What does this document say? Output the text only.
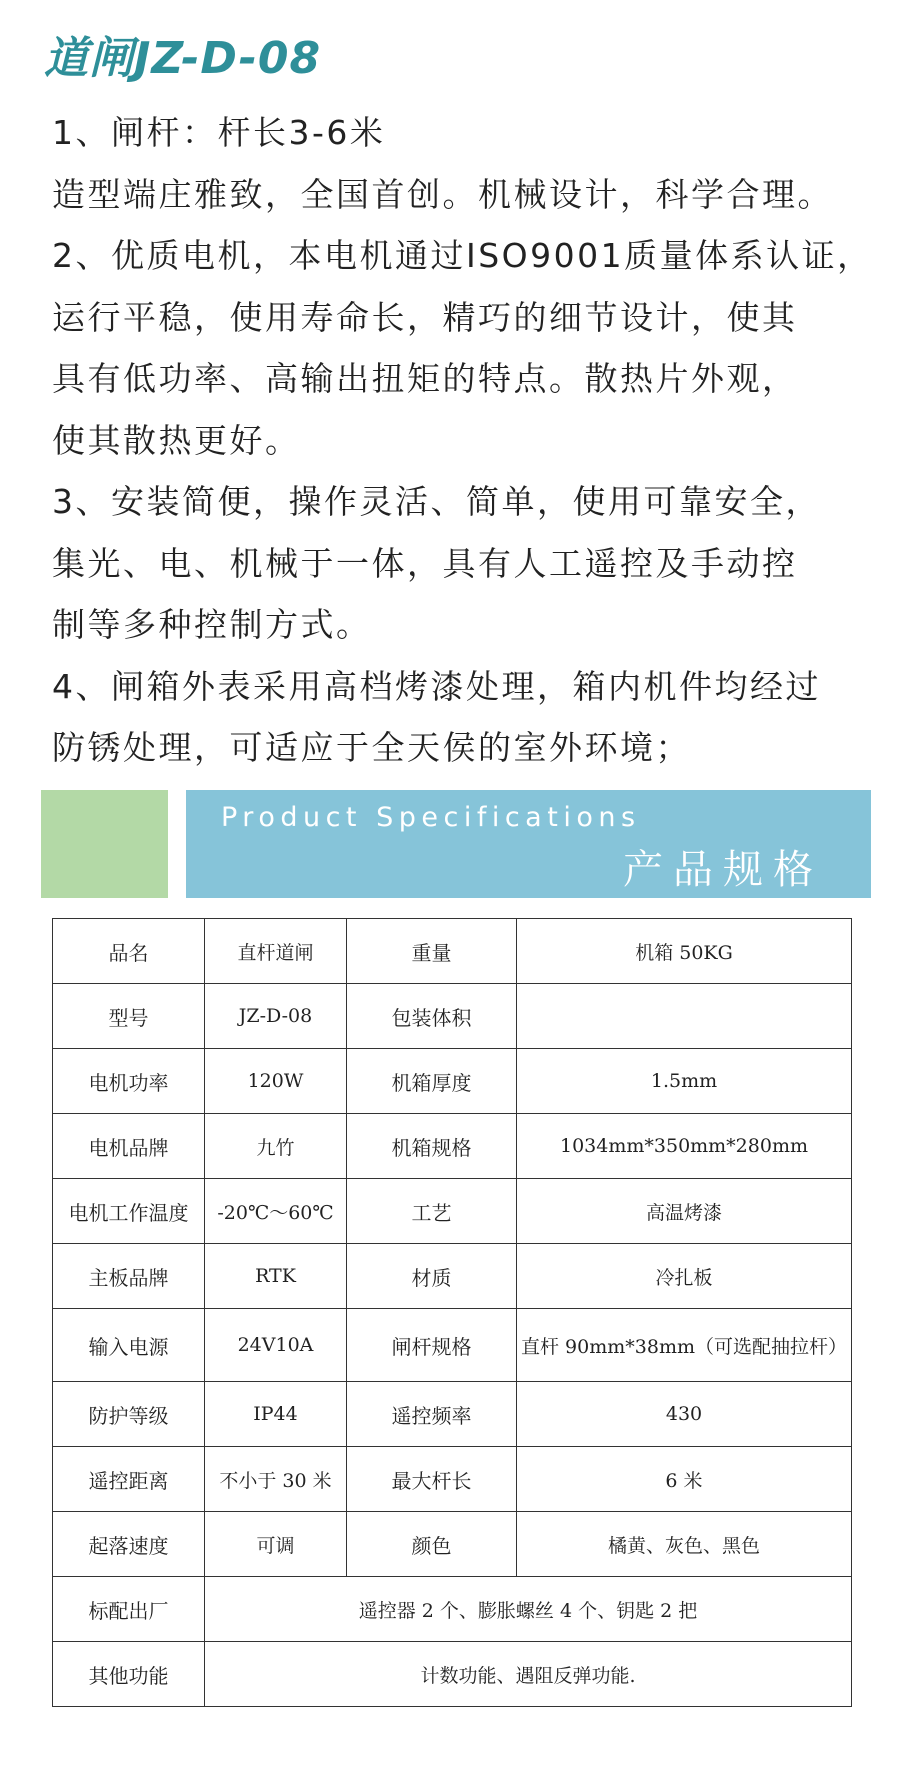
道闸JZ-D-08
1、闸杆：杆长3-6米
造型端庄雅致，全国首创。机械设计，科学合理。
2、优质电机，本电机通过ISO9001质量体系认证，
运行平稳，使用寿命长，精巧的细节设计，使其
具有低功率、高输出扭矩的特点。散热片外观，
使其散热更好。
3、安装简便，操作灵活、简单，使用可靠安全，
集光、电、机械于一体，具有人工遥控及手动控
制等多种控制方式。
4、闸箱外表采用高档烤漆处理，箱内机件均经过
防锈处理，可适应于全天侯的室外环境；
Product Specifications
产品规格
品名	直杆道闸	重量	机箱 50KG
型号	JZ-D-08	包装体积	
电机功率	120W	机箱厚度	1.5mm
电机品牌	九竹	机箱规格	1034mm*350mm*280mm
电机工作温度	-20℃～60℃	工艺	高温烤漆
主板品牌	RTK	材质	冷扎板
输入电源	24V10A	闸杆规格	直杆 90mm*38mm（可选配抽拉杆）
防护等级	IP44	遥控频率	430
遥控距离	不小于 30 米	最大杆长	6 米
起落速度	可调	颜色	橘黄、灰色、黑色
标配出厂	遥控器 2 个、膨胀螺丝 4 个、钥匙 2 把		
其他功能	计数功能、遇阻反弹功能.		
